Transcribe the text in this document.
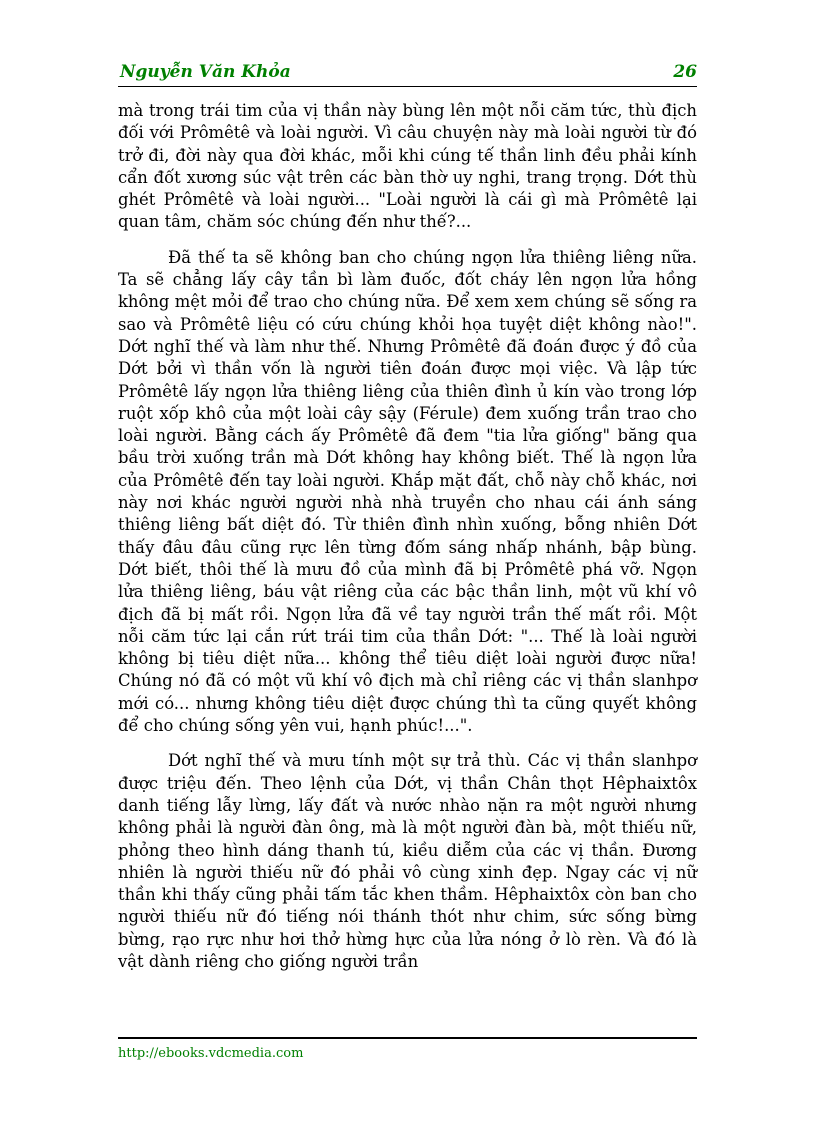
Nguyễn Văn Khỏa	26

mà trong trái tim của vị thần này bùng lên một nỗi căm tức, thù địch đối với Prômêtê và loài người. Vì câu chuyện này mà loài người từ đó trở đi, đời này qua đời khác, mỗi khi cúng tế thần linh đều phải kính cẩn đốt xương súc vật trên các bàn thờ uy nghi, trang trọng. Dớt thù ghét Prômêtê và loài người... "Loài người là cái gì mà Prômêtê lại quan tâm, chăm sóc chúng đến như thế?...

Đã thế ta sẽ không ban cho chúng ngọn lửa thiêng liêng nữa. Ta sẽ chẳng lấy cây tần bì làm đuốc, đốt cháy lên ngọn lửa hồng không mệt mỏi để trao cho chúng nữa. Để xem xem chúng sẽ sống ra sao và Prômêtê liệu có cứu chúng khỏi họa tuyệt diệt không nào!". Dớt nghĩ thế và làm như thế. Nhưng Prômêtê đã đoán được ý đồ của Dớt bởi vì thần vốn là người tiên đoán được mọi việc. Và lập tức Prômêtê lấy ngọn lửa thiêng liêng của thiên đình ủ kín vào trong lớp ruột xốp khô của một loài cây sậy (Férule) đem xuống trần trao cho loài người. Bằng cách ấy Prômêtê đã đem "tia lửa giống" băng qua bầu trời xuống trần mà Dớt không hay không biết. Thế là ngọn lửa của Prômêtê đến tay loài người. Khắp mặt đất, chỗ này chỗ khác, nơi này nơi khác người người nhà nhà truyền cho nhau cái ánh sáng thiêng liêng bất diệt đó. Từ thiên đình nhìn xuống, bỗng nhiên Dớt thấy đâu đâu cũng rực lên từng đốm sáng nhấp nhánh, bập bùng. Dớt biết, thôi thế là mưu đồ của mình đã bị Prômêtê phá vỡ. Ngọn lửa thiêng liêng, báu vật riêng của các bậc thần linh, một vũ khí vô địch đã bị mất rồi. Ngọn lửa đã về tay người trần thế mất rồi. Một nỗi căm tức lại cắn rứt trái tim của thần Dớt: "... Thế là loài người không bị tiêu diệt nữa... không thể tiêu diệt loài người được nữa! Chúng nó đã có một vũ khí vô địch mà chỉ riêng các vị thần slanhpơ mới có... nhưng không tiêu diệt được chúng thì ta cũng quyết không để cho chúng sống yên vui, hạnh phúc!...".

Dớt nghĩ thế và mưu tính một sự trả thù. Các vị thần slanhpơ được triệu đến. Theo lệnh của Dớt, vị thần Chân thọt Hêphaixtôx danh tiếng lẫy lừng, lấy đất và nước nhào nặn ra một người nhưng không phải là người đàn ông, mà là một người đàn bà, một thiếu nữ, phỏng theo hình dáng thanh tú, kiều diễm của các vị thần. Đương nhiên là người thiếu nữ đó phải vô cùng xinh đẹp. Ngay các vị nữ thần khi thấy cũng phải tấm tắc khen thầm. Hêphaixtôx còn ban cho người thiếu nữ đó tiếng nói thánh thót như chim, sức sống bừng bừng, rạo rực như hơi thở hừng hực của lửa nóng ở lò rèn. Và đó là vật dành riêng cho giống người trần

http://ebooks.vdcmedia.com
